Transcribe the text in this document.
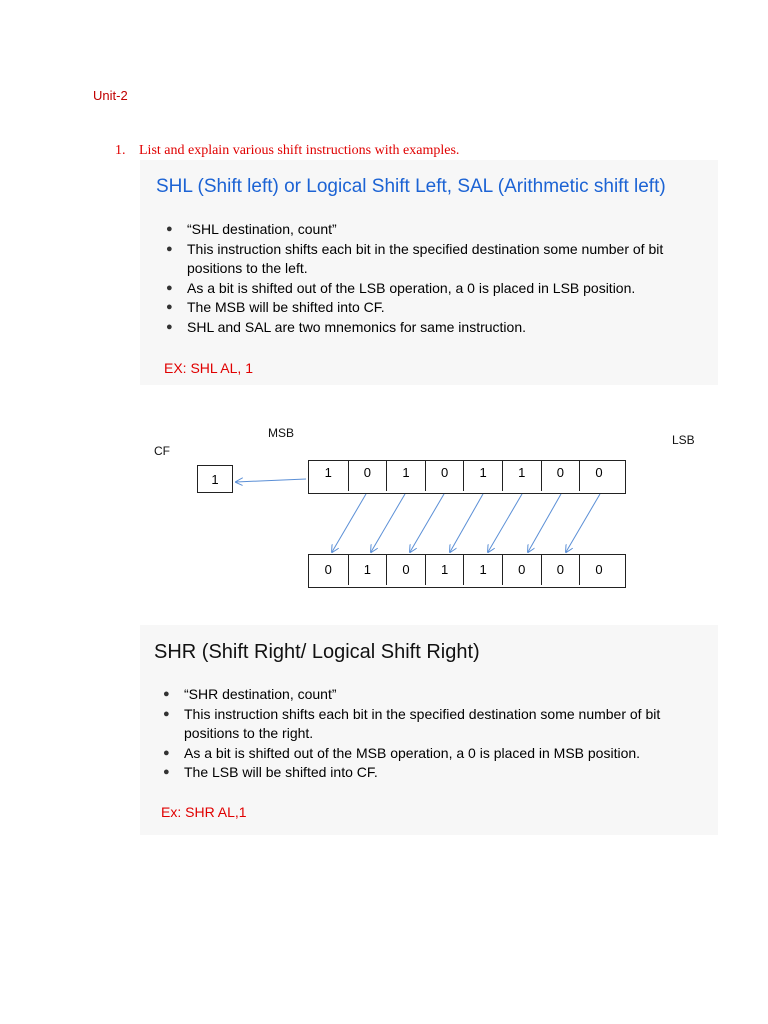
Unit-2
1. List and explain various shift instructions with examples.
SHL (Shift left) or Logical Shift Left, SAL (Arithmetic shift left)
● “SHL destination, count”
● This instruction shifts each bit in the specified destination some number of bit positions to the left.
● As a bit is shifted out of the LSB operation, a 0 is placed in LSB position.
● The MSB will be shifted into CF.
● SHL and SAL are two mnemonics for same instruction.
EX: SHL AL, 1
MSB	LSB
CF
1	1	0	1	0	1	1	0	0
0	1	0	1	1	0	0	0
SHR (Shift Right/ Logical Shift Right)
● “SHR destination, count”
● This instruction shifts each bit in the specified destination some number of bit positions to the right.
● As a bit is shifted out of the MSB operation, a 0 is placed in MSB position.
● The LSB will be shifted into CF.
Ex: SHR AL,1
